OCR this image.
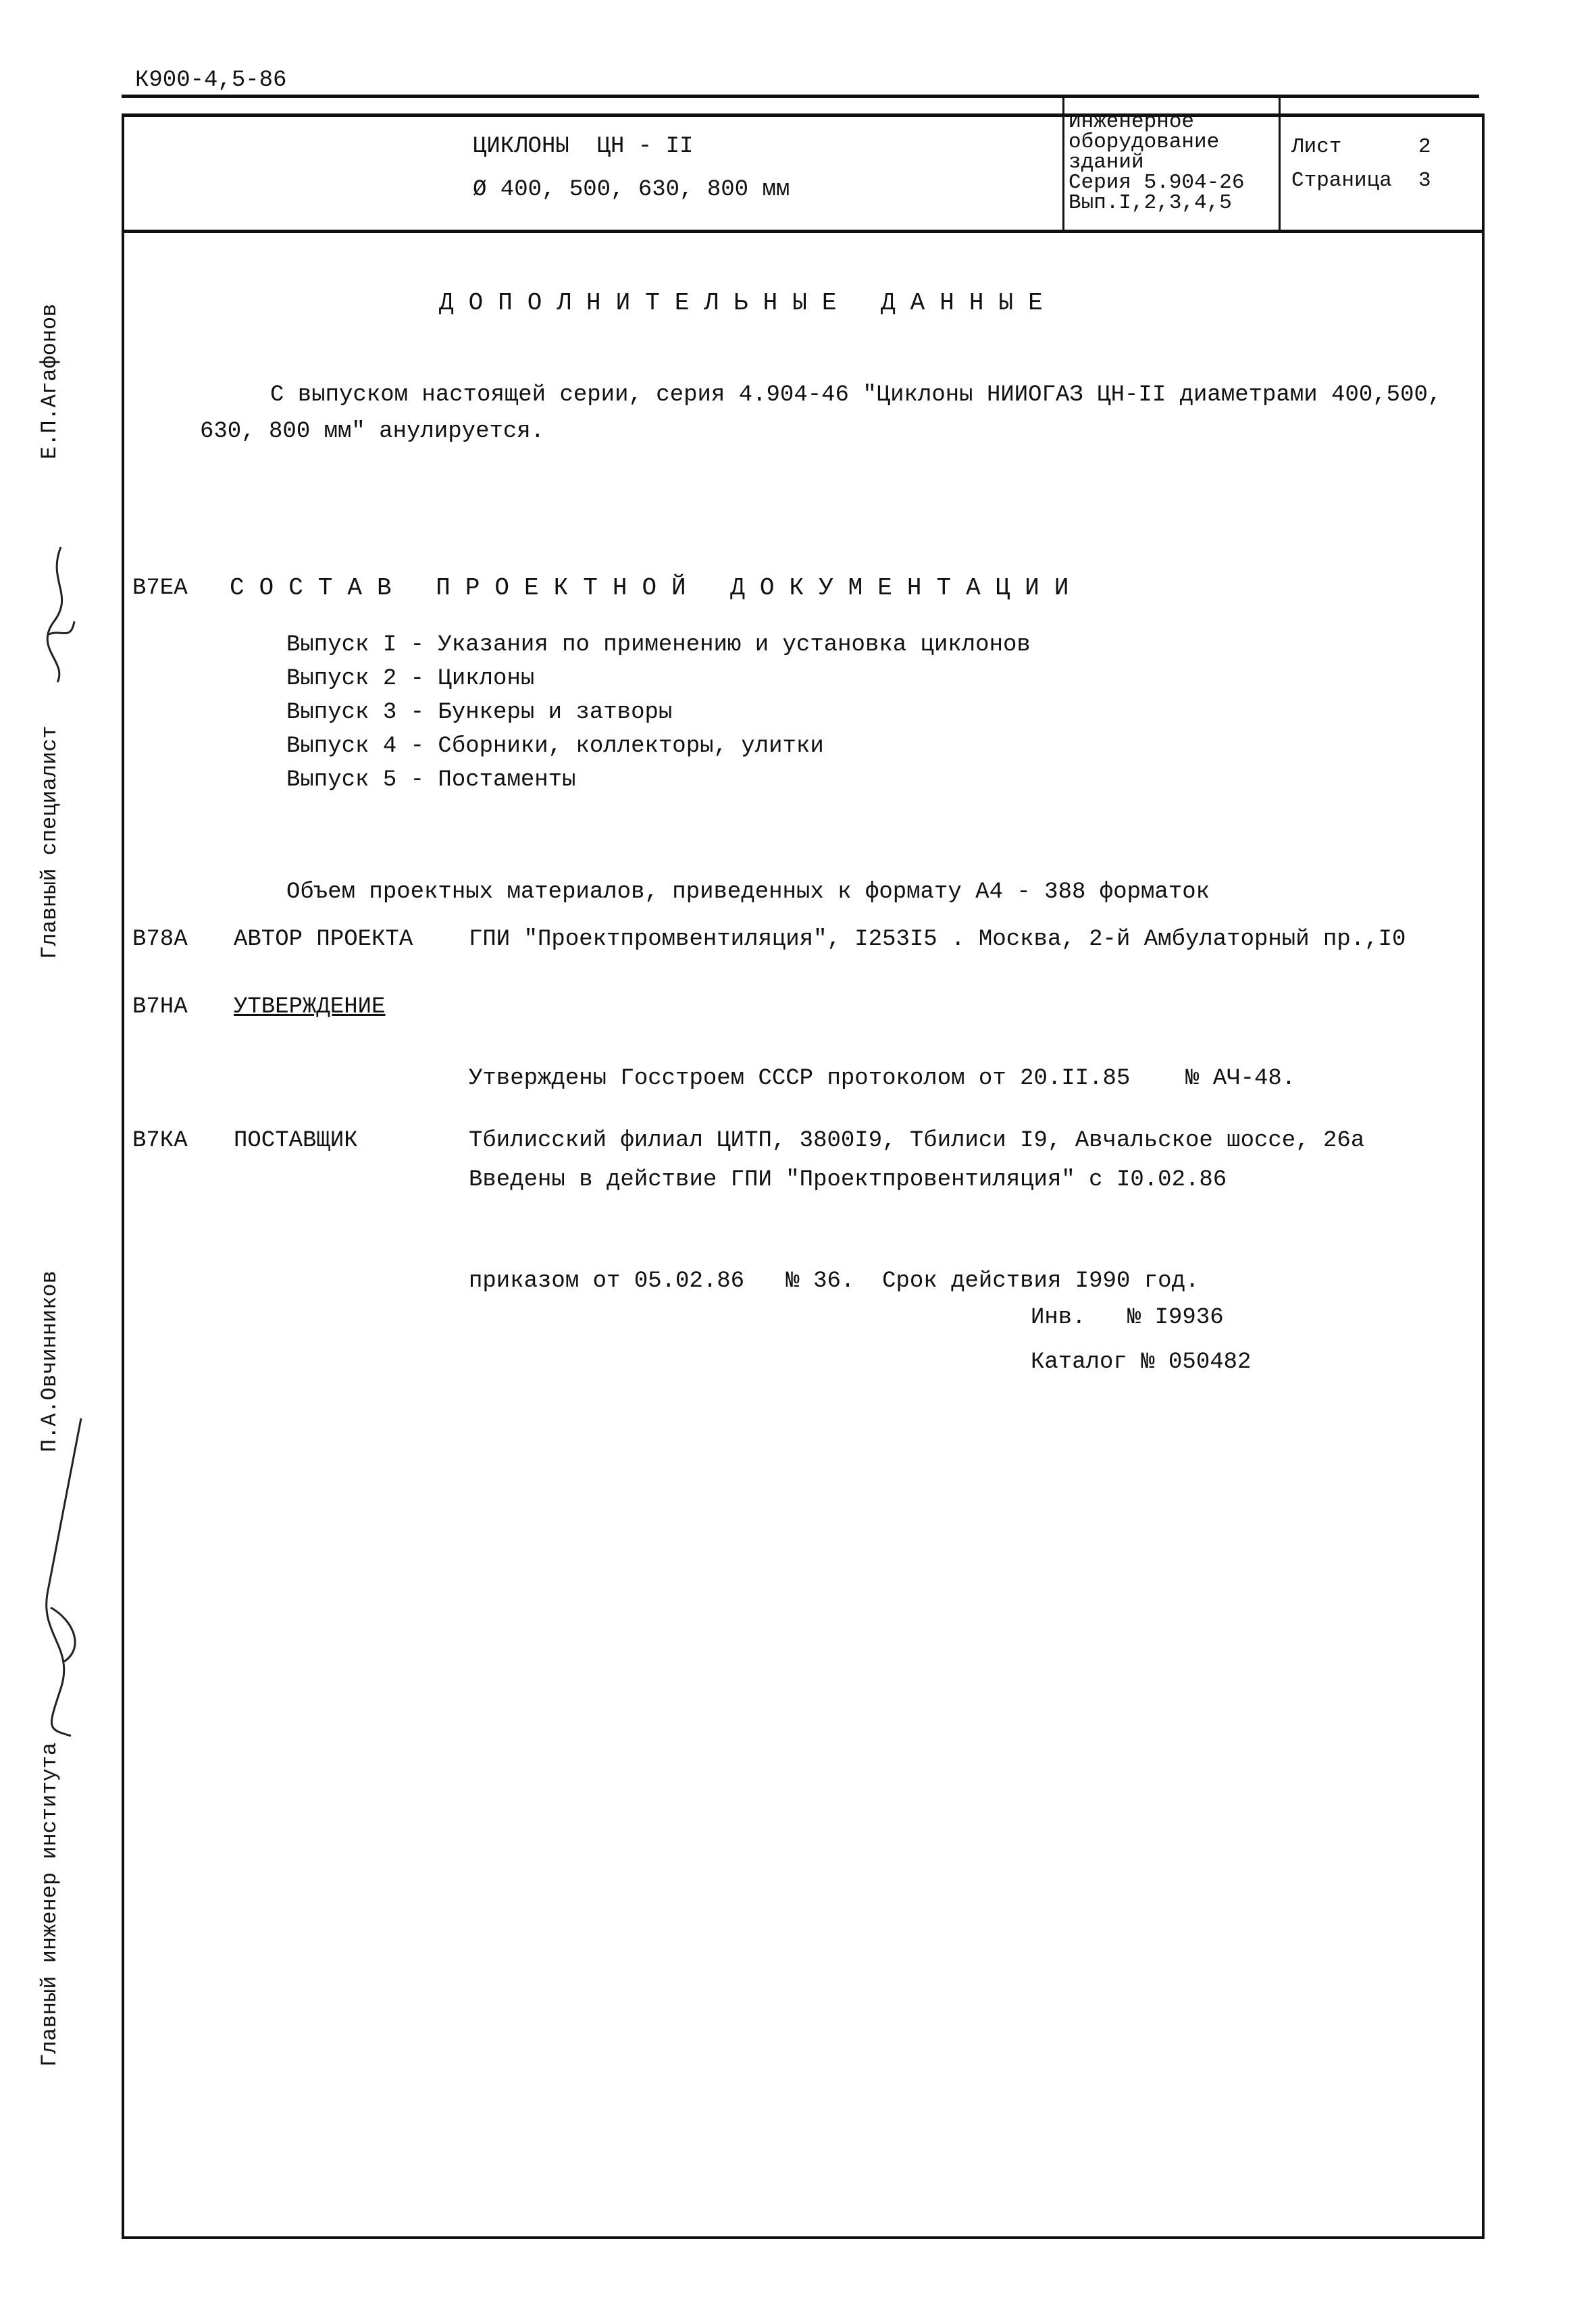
К900-4,5-86
ЦИКЛОНЫ  ЦН - II
Ø 400, 500, 630, 800 мм
Инженерное
оборудование
зданий
Серия 5.904-26
Вып.I,2,3,4,5
Лист	2
Страница 3
Главный специалист
Е.П.Агафонов
Главный инженер института
П.А.Овчинников
ДОПОЛНИТЕЛЬНЫЕ ДАННЫЕ
С выпуском настоящей серии, серия 4.904-46 "Циклоны НИИОГАЗ ЦН-II диаметрами 400,500,
630, 800 мм" анулируется.
В7ЕА СОСТАВ ПРОЕКТНОЙ ДОКУМЕНТАЦИИ
Выпуск I - Указания по применению и установка циклонов
Выпуск 2 - Циклоны
Выпуск 3 - Бункеры и затворы
Выпуск 4 - Сборники, коллекторы, улитки
Выпуск 5 - Постаменты
Объем проектных материалов, приведенных к формату А4 - 388 форматок
В78А АВТОР ПРОЕКТА ГПИ "Проектпромвентиляция", I253I5 . Москва, 2-й Амбулаторный пр.,I0
В7НА УТВЕРЖДЕНИЕ

Утверждены Госстроем СССР протоколом от 20.II.85    № АЧ-48.

Введены в действие ГПИ "Проектпровентиляция" с I0.02.86

приказом от 05.02.86   № 36.  Срок действия I990 год.

В7КА ПОСТАВЩИК	Тбилисский филиал ЦИТП, 3800I9, Тбилиси I9, Авчальское шоссе, 26а
Инв.   № I9936
Каталог № 050482
